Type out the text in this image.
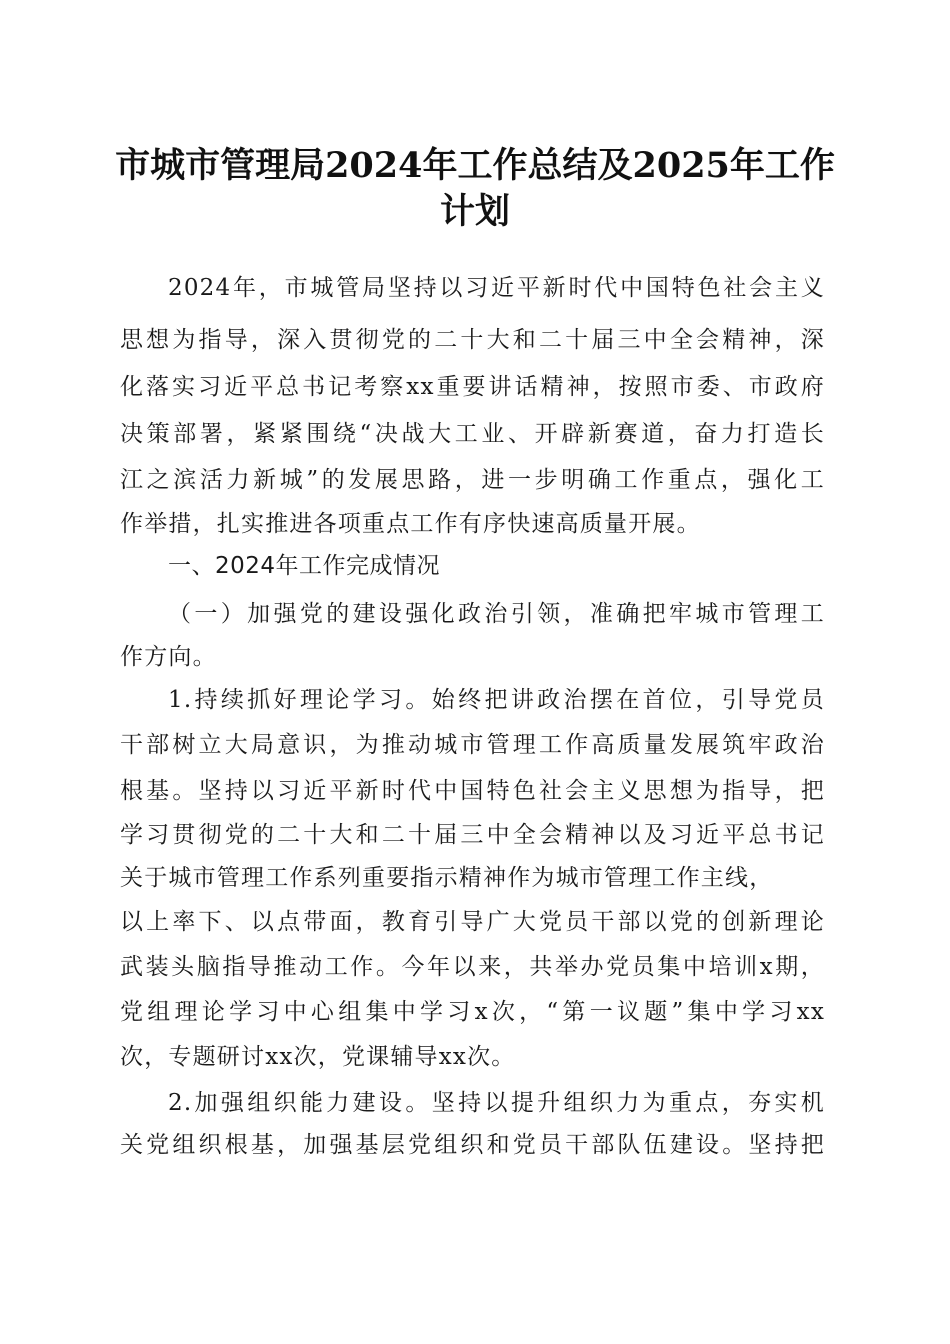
市城市管理局2024年工作总结及2025年工作
计划
2024年，市城管局坚持以习近平新时代中国特色社会主义
思想为指导，深入贯彻党的二十大和二十届三中全会精神，深
化落实习近平总书记考察xx重要讲话精神，按照市委、市政府
决策部署，紧紧围绕“决战大工业、开辟新赛道，奋力打造长
江之滨活力新城”的发展思路，进一步明确工作重点，强化工
作举措，扎实推进各项重点工作有序快速高质量开展。
一、2024年工作完成情况
（一）加强党的建设强化政治引领，准确把牢城市管理工
作方向。
1.持续抓好理论学习。始终把讲政治摆在首位，引导党员
干部树立大局意识，为推动城市管理工作高质量发展筑牢政治
根基。坚持以习近平新时代中国特色社会主义思想为指导，把
学习贯彻党的二十大和二十届三中全会精神以及习近平总书记
关于城市管理工作系列重要指示精神作为城市管理工作主线，
以上率下、以点带面，教育引导广大党员干部以党的创新理论
武装头脑指导推动工作。今年以来，共举办党员集中培训x期，
党组理论学习中心组集中学习x次，“第一议题”集中学习xx
次，专题研讨xx次，党课辅导xx次。
2.加强组织能力建设。坚持以提升组织力为重点，夯实机
关党组织根基，加强基层党组织和党员干部队伍建设。坚持把
